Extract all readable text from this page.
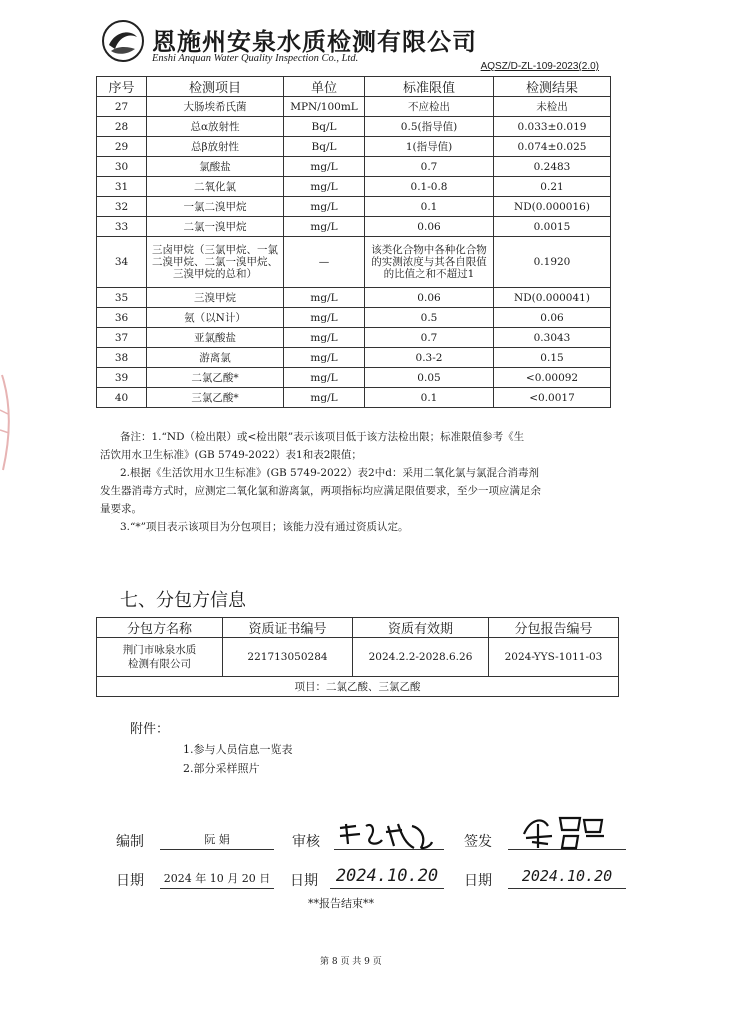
恩施州安泉水质检测有限公司
Enshi Anquan Water Quality Inspection Co., Ltd.
AQSZ/D-ZL-109-2023(2.0)
序号	检测项目	单位	标准限值	检测结果
27	大肠埃希氏菌	MPN/100mL	不应检出	未检出
28	总α放射性	Bq/L	0.5(指导值)	0.033±0.019
29	总β放射性	Bq/L	1(指导值)	0.074±0.025
30	氯酸盐	mg/L	0.7	0.2483
31	二氧化氯	mg/L	0.1-0.8	0.21
32	一氯二溴甲烷	mg/L	0.1	ND(0.000016)
33	二氯一溴甲烷	mg/L	0.06	0.0015
34	三卤甲烷（三氯甲烷、一氯二溴甲烷、二氯一溴甲烷、三溴甲烷的总和）	—	该类化合物中各种化合物的实测浓度与其各自限值的比值之和不超过1	0.1920
35	三溴甲烷	mg/L	0.06	ND(0.000041)
36	氨（以N计）	mg/L	0.5	0.06
37	亚氯酸盐	mg/L	0.7	0.3043
38	游离氯	mg/L	0.3-2	0.15
39	二氯乙酸*	mg/L	0.05	<0.00092
40	三氯乙酸*	mg/L	0.1	<0.0017

备注：1.“ND（检出限）或<检出限”表示该项目低于该方法检出限；标准限值参考《生

活饮用水卫生标准》(GB 5749-2022）表1和表2限值；

2.根据《生活饮用水卫生标准》(GB 5749-2022）表2中d：采用二氧化氯与氯混合消毒剂

发生器消毒方式时，应测定二氧化氯和游离氯，两项指标均应满足限值要求，至少一项应满足余

量要求。

3.“*”项目表示该项目为分包项目；该能力没有通过资质认定。

七、分包方信息
分包方名称	资质证书编号	资质有效期	分包报告编号
荆门市咏泉水质
检测有限公司	221713050284	2024.2.2-2028.6.26	2024-YYS-1011-03
项目：二氯乙酸、三氯乙酸			
附件：
1.参与人员信息一览表
2.部分采样照片
编制	阮 娟	审核	签发
日期	2024 年 10 月 20 日 日期	2024.10.20	日期	2024.10.20
**报告结束**
第 8 页 共 9 页
